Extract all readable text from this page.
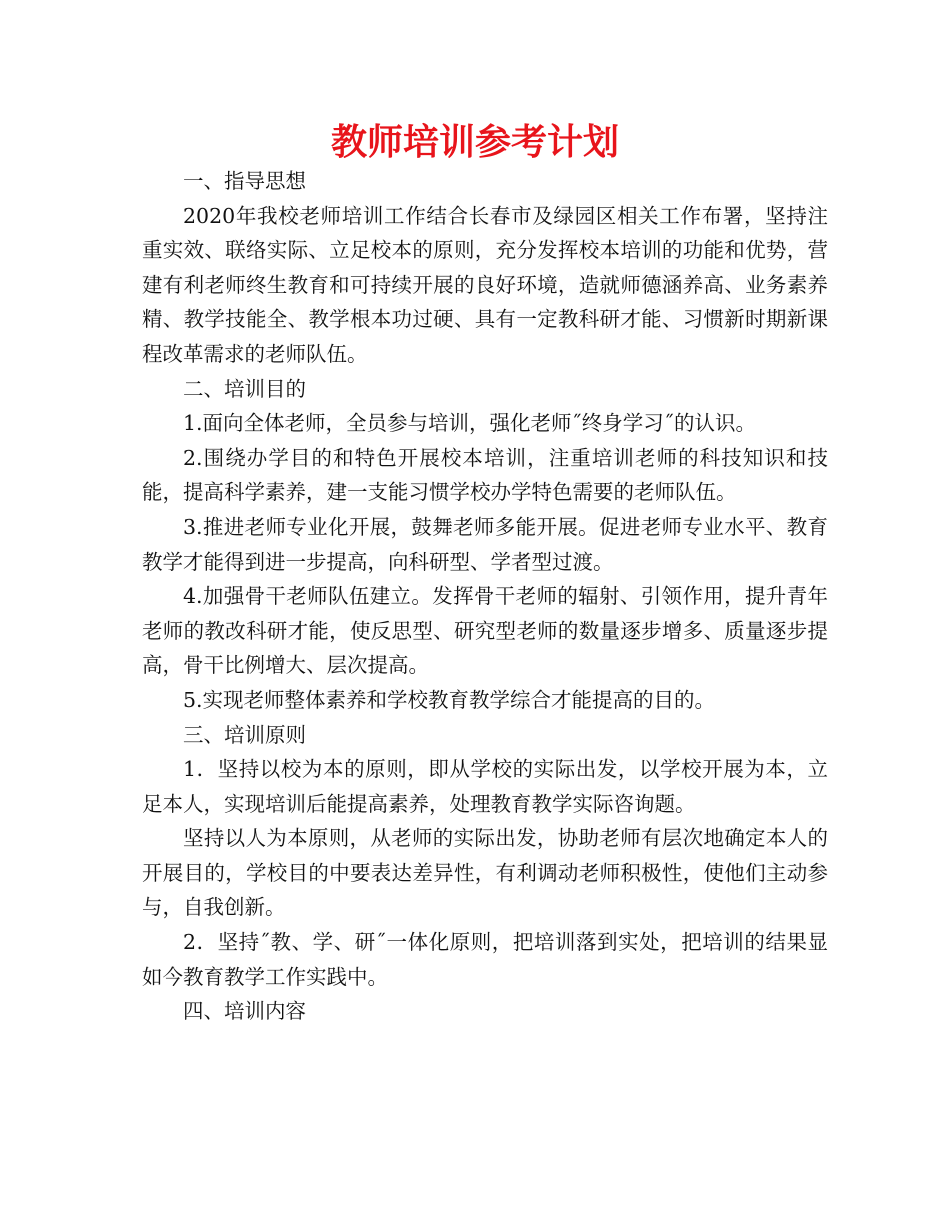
教师培训参考计划

一、指导思想

2020年我校老师培训工作结合长春市及绿园区相关工作布署，坚持注重实效、联络实际、立足校本的原则，充分发挥校本培训的功能和优势，营建有利老师终生教育和可持续开展的良好环境，造就师德涵养高、业务素养精、教学技能全、教学根本功过硬、具有一定教科研才能、习惯新时期新课程改革需求的老师队伍。

二、培训目的

1.面向全体老师，全员参与培训，强化老师˝终身学习˝的认识。

2.围绕办学目的和特色开展校本培训，注重培训老师的科技知识和技能，提高科学素养，建一支能习惯学校办学特色需要的老师队伍。

3.推进老师专业化开展，鼓舞老师多能开展。促进老师专业水平、教育教学才能得到进一步提高，向科研型、学者型过渡。

4.加强骨干老师队伍建立。发挥骨干老师的辐射、引领作用，提升青年老师的教改科研才能，使反思型、研究型老师的数量逐步增多、质量逐步提高，骨干比例增大、层次提高。

5.实现老师整体素养和学校教育教学综合才能提高的目的。

三、培训原则

1．坚持以校为本的原则，即从学校的实际出发，以学校开展为本，立足本人，实现培训后能提高素养，处理教育教学实际咨询题。

坚持以人为本原则，从老师的实际出发，协助老师有层次地确定本人的开展目的，学校目的中要表达差异性，有利调动老师积极性，使他们主动参与，自我创新。

2．坚持˝教、学、研˝一体化原则，把培训落到实处，把培训的结果显如今教育教学工作实践中。

四、培训内容
